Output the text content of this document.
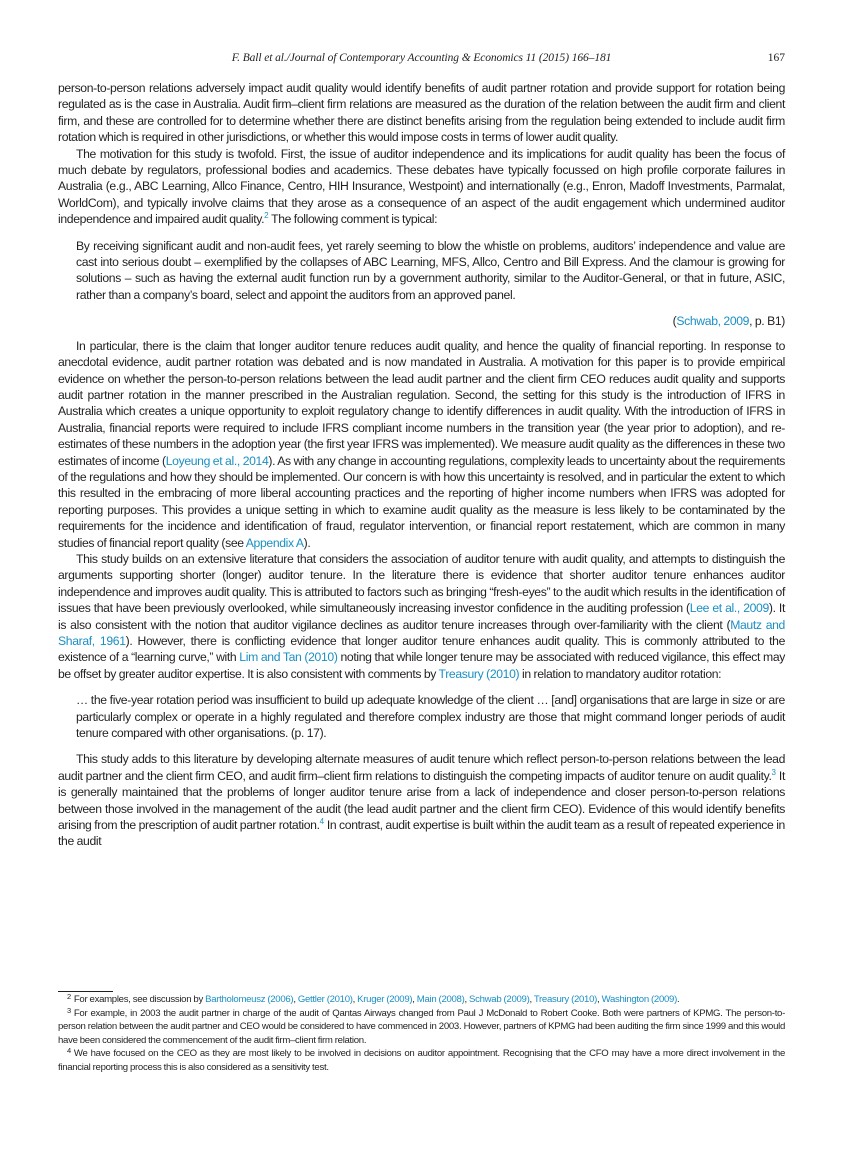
F. Ball et al./Journal of Contemporary Accounting & Economics 11 (2015) 166–181	167

person-to-person relations adversely impact audit quality would identify benefits of audit partner rotation and provide support for rotation being regulated as is the case in Australia. Audit firm–client firm relations are measured as the duration of the relation between the audit firm and client firm, and these are controlled for to determine whether there are distinct benefits arising from the regulation being extended to include audit firm rotation which is required in other jurisdictions, or whether this would impose costs in terms of lower audit quality.

The motivation for this study is twofold. First, the issue of auditor independence and its implications for audit quality has been the focus of much debate by regulators, professional bodies and academics. These debates have typically focussed on high profile corporate failures in Australia (e.g., ABC Learning, Allco Finance, Centro, HIH Insurance, Westpoint) and internationally (e.g., Enron, Madoff Investments, Parmalat, WorldCom), and typically involve claims that they arose as a consequence of an aspect of the audit engagement which undermined auditor independence and impaired audit quality.$^2$ The following comment is typical:

By receiving significant audit and non-audit fees, yet rarely seeming to blow the whistle on problems, auditors’ independence and value are cast into serious doubt – exemplified by the collapses of ABC Learning, MFS, Allco, Centro and Bill Express. And the clamour is growing for solutions – such as having the external audit function run by a government authority, similar to the Auditor-General, or that in future, ASIC, rather than a company’s board, select and appoint the auditors from an approved panel.

(Schwab, 2009, p. B1)

In particular, there is the claim that longer auditor tenure reduces audit quality, and hence the quality of financial reporting. In response to anecdotal evidence, audit partner rotation was debated and is now mandated in Australia. A motivation for this paper is to provide empirical evidence on whether the person-to-person relations between the lead audit partner and the client firm CEO reduces audit quality and supports audit partner rotation in the manner prescribed in the Australian regulation. Second, the setting for this study is the introduction of IFRS in Australia which creates a unique opportunity to exploit regulatory change to identify differences in audit quality. With the introduction of IFRS in Australia, financial reports were required to include IFRS compliant income numbers in the transition year (the year prior to adoption), and re-estimates of these numbers in the adoption year (the first year IFRS was implemented). We measure audit quality as the differences in these two estimates of income (Loyeung et al., 2014). As with any change in accounting regulations, complexity leads to uncertainty about the requirements of the regulations and how they should be implemented. Our concern is with how this uncertainty is resolved, and in particular the extent to which this resulted in the embracing of more liberal accounting practices and the reporting of higher income numbers when IFRS was adopted for reporting purposes. This provides a unique setting in which to examine audit quality as the measure is less likely to be contaminated by the requirements for the incidence and identification of fraud, regulator intervention, or financial report restatement, which are common in many studies of financial report quality (see Appendix A).

This study builds on an extensive literature that considers the association of auditor tenure with audit quality, and attempts to distinguish the arguments supporting shorter (longer) auditor tenure. In the literature there is evidence that shorter auditor tenure enhances auditor independence and improves audit quality. This is attributed to factors such as bringing “fresh-eyes” to the audit which results in the identification of issues that have been previously overlooked, while simultaneously increasing investor confidence in the auditing profession (Lee et al., 2009). It is also consistent with the notion that auditor vigilance declines as auditor tenure increases through over-familiarity with the client (Mautz and Sharaf, 1961). However, there is conflicting evidence that longer auditor tenure enhances audit quality. This is commonly attributed to the existence of a “learning curve,” with Lim and Tan (2010) noting that while longer tenure may be associated with reduced vigilance, this effect may be offset by greater auditor expertise. It is also consistent with comments by Treasury (2010) in relation to mandatory auditor rotation:

… the five-year rotation period was insufficient to build up adequate knowledge of the client … [and] organisations that are large in size or are particularly complex or operate in a highly regulated and therefore complex industry are those that might command longer periods of audit tenure compared with other organisations. (p. 17).

This study adds to this literature by developing alternate measures of audit tenure which reflect person-to-person relations between the lead audit partner and the client firm CEO, and audit firm–client firm relations to distinguish the competing impacts of auditor tenure on audit quality.$^3$ It is generally maintained that the problems of longer auditor tenure arise from a lack of independence and closer person-to-person relations between those involved in the management of the audit (the lead audit partner and the client firm CEO). Evidence of this would identify benefits arising from the prescription of audit partner rotation.$^4$ In contrast, audit expertise is built within the audit team as a result of repeated experience in the audit

$^2$ For examples, see discussion by Bartholomeusz (2006), Gettler (2010), Kruger (2009), Main (2008), Schwab (2009), Treasury (2010), Washington (2009).

$^3$ For example, in 2003 the audit partner in charge of the audit of Qantas Airways changed from Paul J McDonald to Robert Cooke. Both were partners of KPMG. The person-to-person relation between the audit partner and CEO would be considered to have commenced in 2003. However, partners of KPMG had been auditing the firm since 1999 and this would have been considered the commencement of the audit firm–client firm relation.

$^4$ We have focused on the CEO as they are most likely to be involved in decisions on auditor appointment. Recognising that the CFO may have a more direct involvement in the financial reporting process this is also considered as a sensitivity test.
